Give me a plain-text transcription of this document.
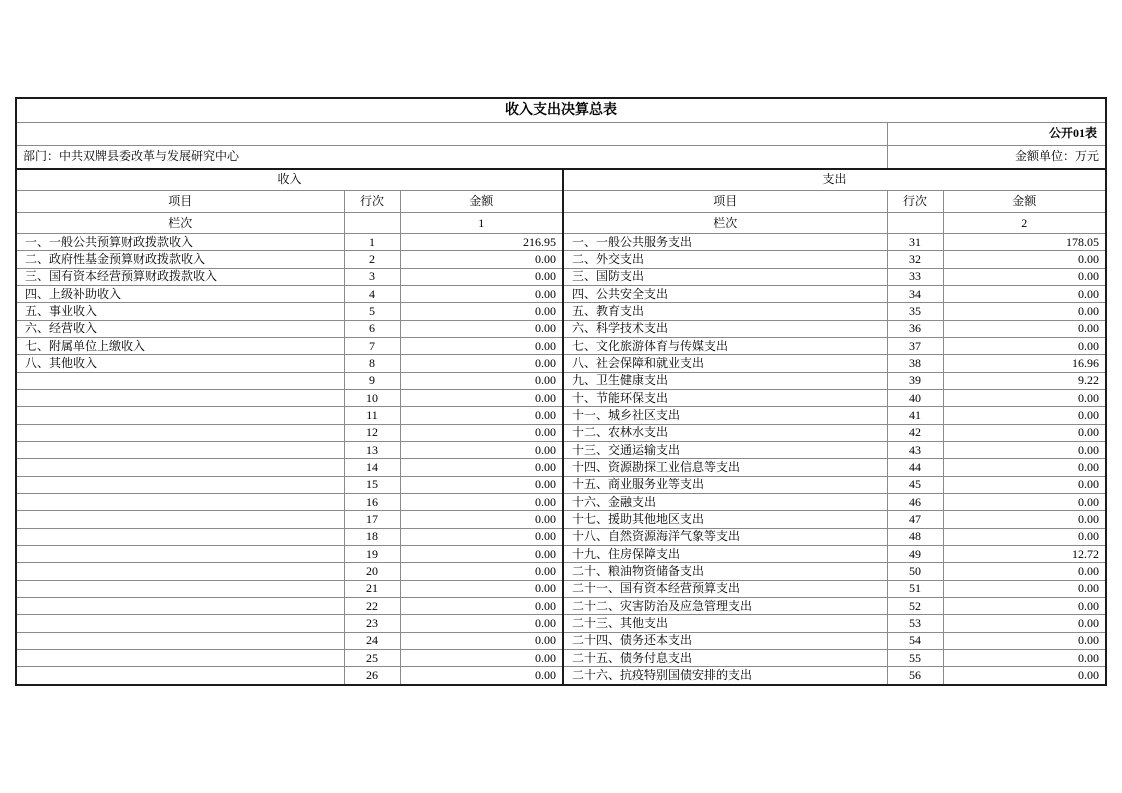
收入支出决算总表					
				公开01表	
部门：中共双牌县委改革与发展研究中心				金额单位：万元	
收入			支出		
项目	行次	金额	项目	行次	金额
栏次		1	栏次		2
一、一般公共预算财政拨款收入	1	216.95	一、一般公共服务支出	31	178.05
二、政府性基金预算财政拨款收入	2	0.00	二、外交支出	32	0.00
三、国有资本经营预算财政拨款收入	3	0.00	三、国防支出	33	0.00
四、上级补助收入	4	0.00	四、公共安全支出	34	0.00
五、事业收入	5	0.00	五、教育支出	35	0.00
六、经营收入	6	0.00	六、科学技术支出	36	0.00
七、附属单位上缴收入	7	0.00	七、文化旅游体育与传媒支出	37	0.00
八、其他收入	8	0.00	八、社会保障和就业支出	38	16.96
	9	0.00	九、卫生健康支出	39	9.22
	10	0.00	十、节能环保支出	40	0.00
	11	0.00	十一、城乡社区支出	41	0.00
	12	0.00	十二、农林水支出	42	0.00
	13	0.00	十三、交通运输支出	43	0.00
	14	0.00	十四、资源勘探工业信息等支出	44	0.00
	15	0.00	十五、商业服务业等支出	45	0.00
	16	0.00	十六、金融支出	46	0.00
	17	0.00	十七、援助其他地区支出	47	0.00
	18	0.00	十八、自然资源海洋气象等支出	48	0.00
	19	0.00	十九、住房保障支出	49	12.72
	20	0.00	二十、粮油物资储备支出	50	0.00
	21	0.00	二十一、国有资本经营预算支出	51	0.00
	22	0.00	二十二、灾害防治及应急管理支出	52	0.00
	23	0.00	二十三、其他支出	53	0.00
	24	0.00	二十四、债务还本支出	54	0.00
	25	0.00	二十五、债务付息支出	55	0.00
	26	0.00	二十六、抗疫特别国债安排的支出	56	0.00
